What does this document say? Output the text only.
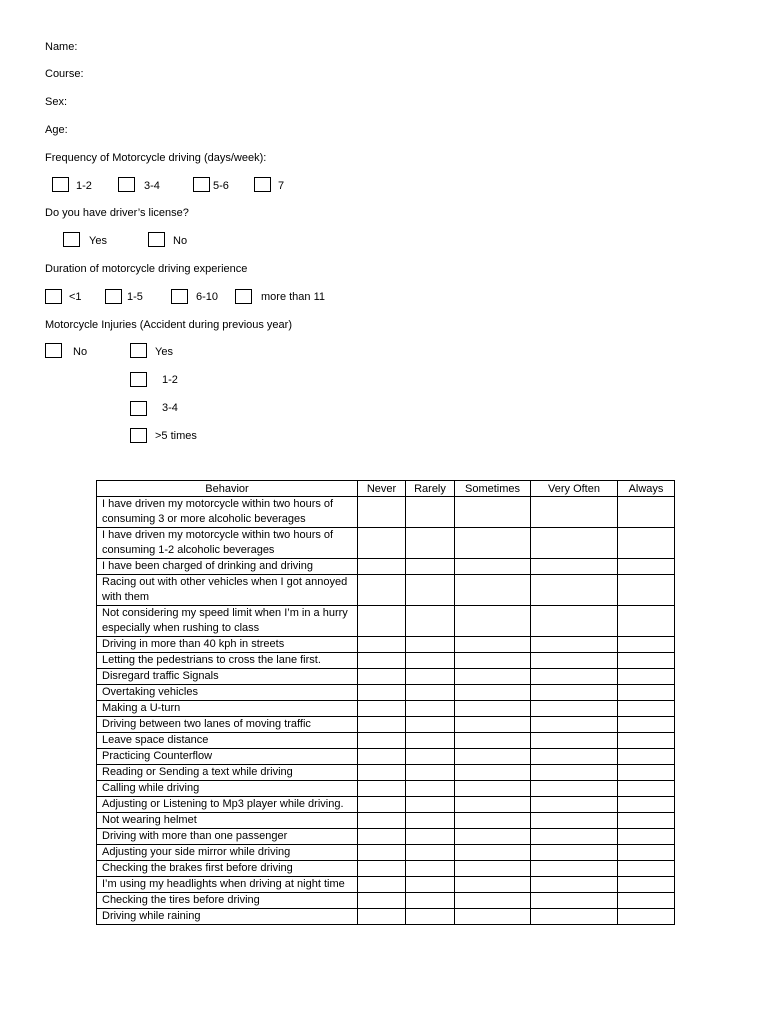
Name:
Course:
Sex:
Age:
Frequency of Motorcycle driving (days/week):
1-2	3-4	5-6	7
Do you have driver’s license?
Yes	No
Duration of motorcycle driving experience
<1	1-5	6-10	more than 11
Motorcycle Injuries (Accident during previous year)
No	Yes
1-2
3-4
>5 times
Behavior	Never	Rarely	Sometimes	Very Often	Always
I have driven my motorcycle within two hours of consuming 3 or more alcoholic beverages					
I have driven my motorcycle within two hours of consuming 1-2 alcoholic beverages					
I have been charged of drinking and driving					
Racing out with other vehicles when I got annoyed with them					
Not considering my speed limit when I’m in a hurry especially when rushing to class					
Driving in more than 40 kph in streets					
Letting the pedestrians to cross the lane first.					
Disregard traffic Signals					
Overtaking vehicles					
Making a U-turn					
Driving between two lanes of moving traffic					
Leave space distance					
Practicing Counterflow					
Reading or Sending a text while driving					
Calling while driving					
Adjusting or Listening to Mp3 player while driving.					
Not wearing helmet					
Driving with more than one passenger					
Adjusting your side mirror while driving					
Checking the brakes first before driving					
I’m using my headlights when driving at night time					
Checking the tires before driving					
Driving while raining					
